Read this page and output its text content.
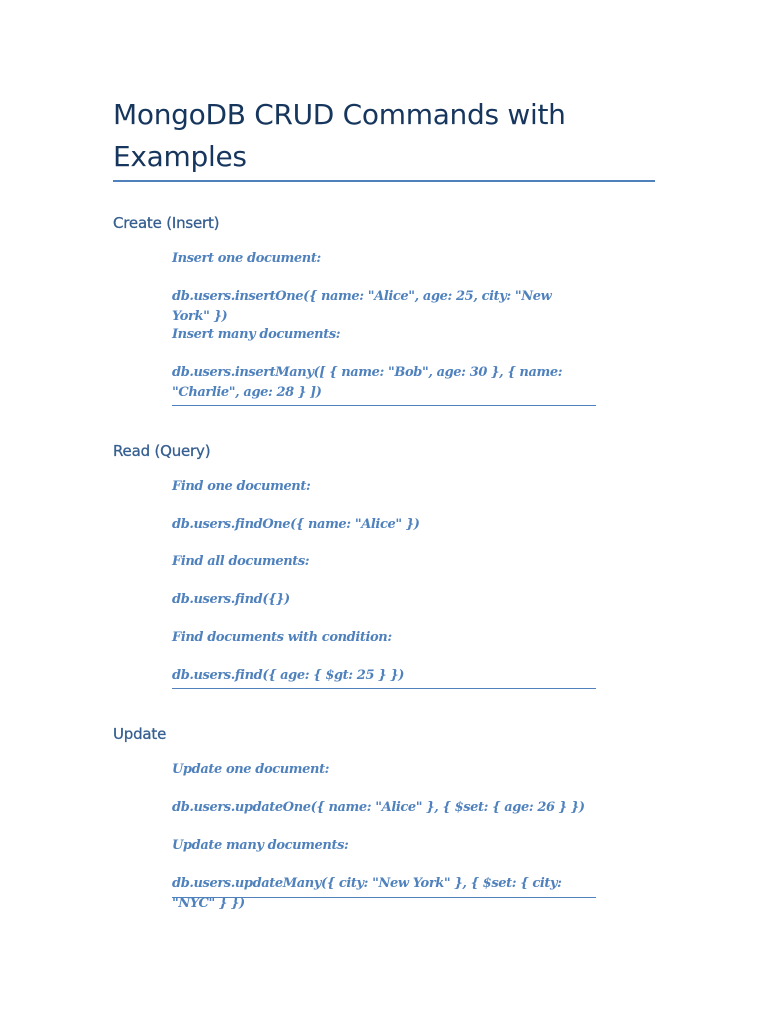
MongoDB CRUD Commands with Examples
Create (Insert)

Insert one document:

db.users.insertOne({ name: "Alice", age: 25, city: "New York" })

Insert many documents:

db.users.insertMany([ { name: "Bob", age: 30 }, { name: "Charlie", age: 28 } ])

Read (Query)

Find one document:

db.users.findOne({ name: "Alice" })

Find all documents:

db.users.find({})

Find documents with condition:

db.users.find({ age: { $gt: 25 } })

Update

Update one document:

db.users.updateOne({ name: "Alice" }, { $set: { age: 26 } })

Update many documents:

db.users.updateMany({ city: "New York" }, { $set: { city: "NYC" } })
